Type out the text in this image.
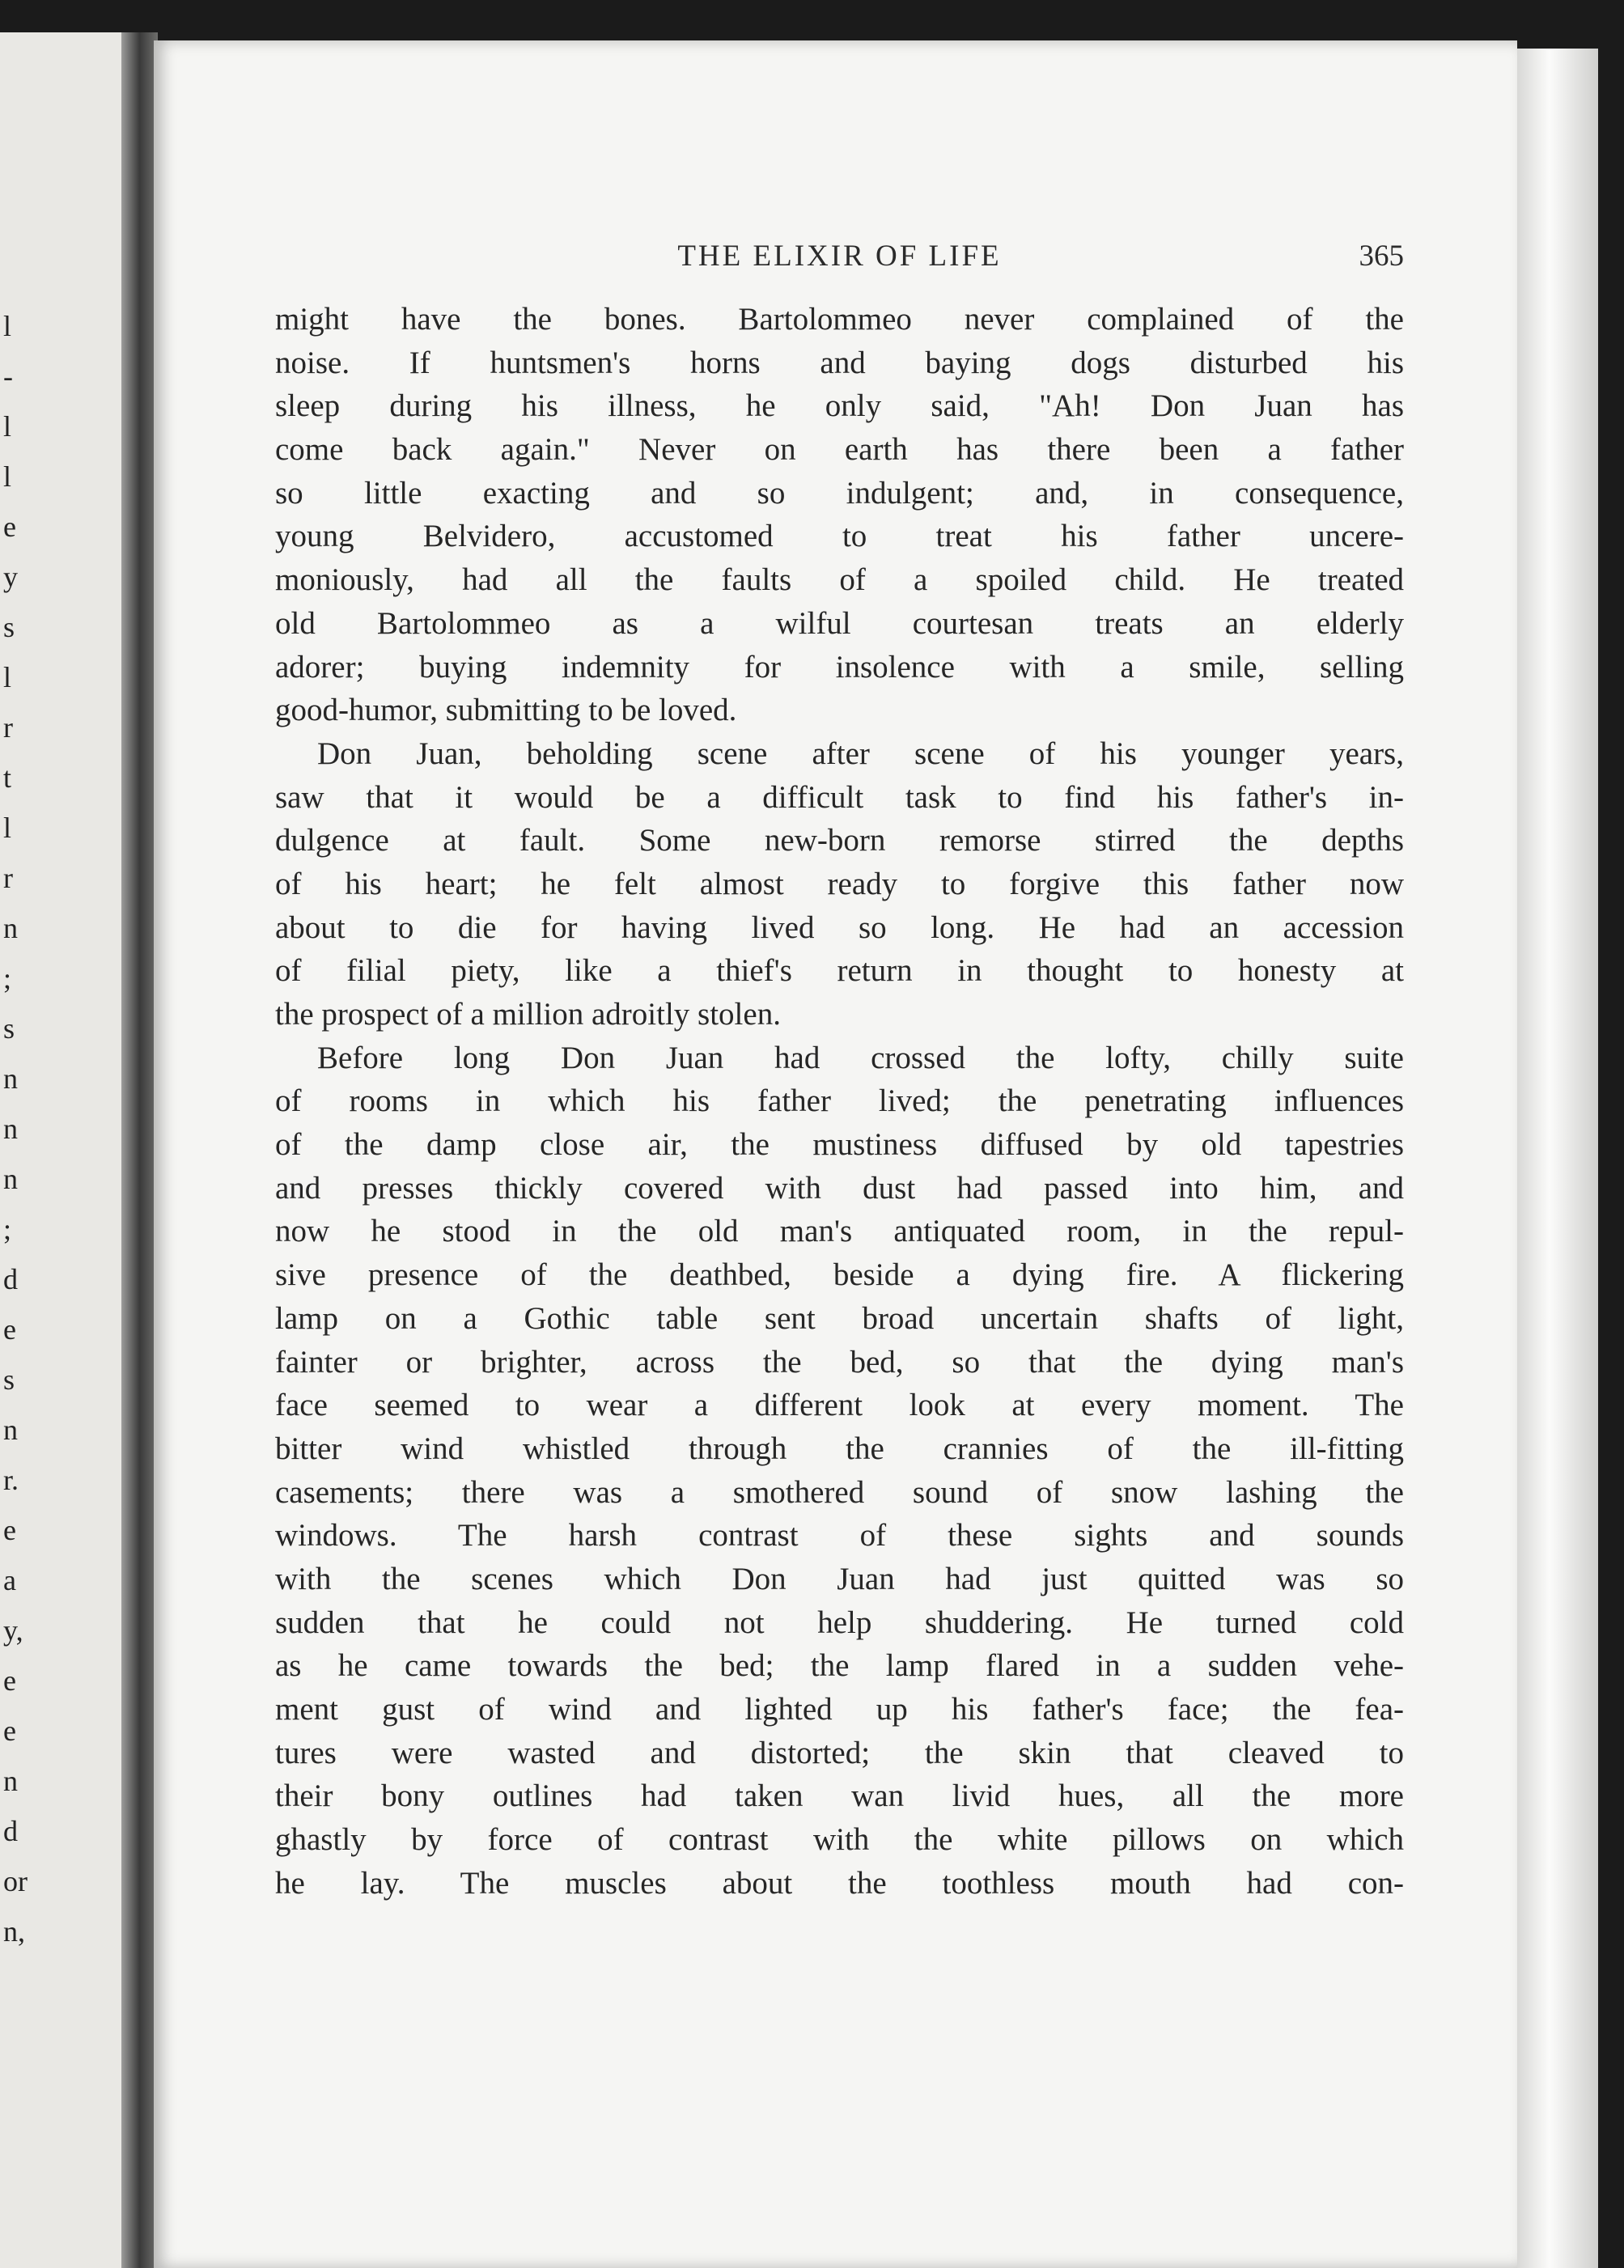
l
-
l
l
e
y
s
l
r
t
l
r
n
;
s
n
n
n
;
d
e
s
n
r.
e
a
y,
e
e
n
d
or
n,
THE ELIXIR OF LIFE	365
might have the bones. Bartolommeo never complained of the
noise. If huntsmen's horns and baying dogs disturbed his
sleep during his illness, he only said, "Ah! Don Juan has
come back again." Never on earth has there been a father
so little exacting and so indulgent; and, in consequence,
young Belvidero, accustomed to treat his father uncere-
moniously, had all the faults of a spoiled child. He treated
old Bartolommeo as a wilful courtesan treats an elderly
adorer; buying indemnity for insolence with a smile, selling
good-humor, submitting to be loved.
Don Juan, beholding scene after scene of his younger years,
saw that it would be a difficult task to find his father's in-
dulgence at fault. Some new-born remorse stirred the depths
of his heart; he felt almost ready to forgive this father now
about to die for having lived so long. He had an accession
of filial piety, like a thief's return in thought to honesty at
the prospect of a million adroitly stolen.
Before long Don Juan had crossed the lofty, chilly suite
of rooms in which his father lived; the penetrating influences
of the damp close air, the mustiness diffused by old tapestries
and presses thickly covered with dust had passed into him, and
now he stood in the old man's antiquated room, in the repul-
sive presence of the deathbed, beside a dying fire. A flickering
lamp on a Gothic table sent broad uncertain shafts of light,
fainter or brighter, across the bed, so that the dying man's
face seemed to wear a different look at every moment. The
bitter wind whistled through the crannies of the ill-fitting
casements; there was a smothered sound of snow lashing the
windows. The harsh contrast of these sights and sounds
with the scenes which Don Juan had just quitted was so
sudden that he could not help shuddering. He turned cold
as he came towards the bed; the lamp flared in a sudden vehe-
ment gust of wind and lighted up his father's face; the fea-
tures were wasted and distorted; the skin that cleaved to
their bony outlines had taken wan livid hues, all the more
ghastly by force of contrast with the white pillows on which
he lay. The muscles about the toothless mouth had con-
